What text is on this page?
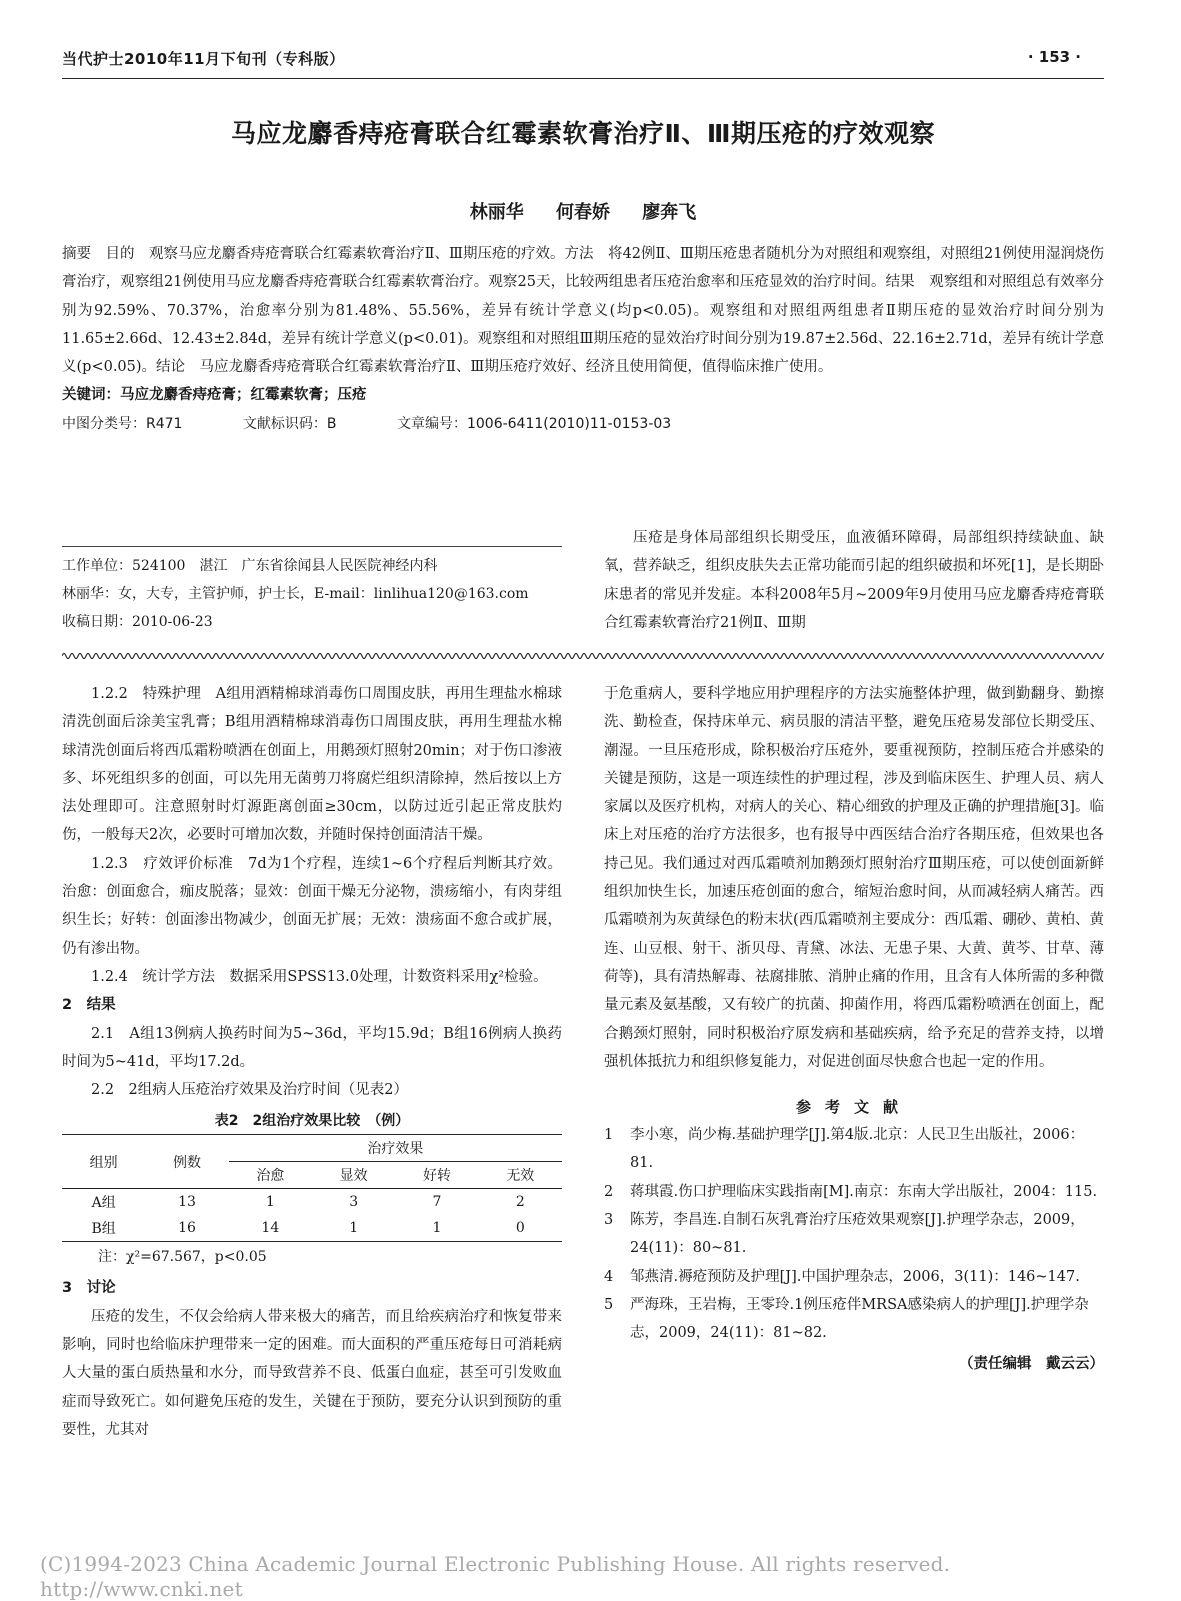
当代护士2010年11月下旬刊（专科版）	· 153 ·
马应龙麝香痔疮膏联合红霉素软膏治疗Ⅱ、Ⅲ期压疮的疗效观察
林丽华 何春娇 廖奔飞

摘要　目的　观察马应龙麝香痔疮膏联合红霉素软膏治疗Ⅱ、Ⅲ期压疮的疗效。方法　将42例Ⅱ、Ⅲ期压疮患者随机分为对照组和观察组，对照组21例使用湿润烧伤膏治疗，观察组21例使用马应龙麝香痔疮膏联合红霉素软膏治疗。观察25天，比较两组患者压疮治愈率和压疮显效的治疗时间。结果　观察组和对照组总有效率分别为92.59%、70.37%，治愈率分别为81.48%、55.56%，差异有统计学意义(均p<0.05)。观察组和对照组两组患者Ⅱ期压疮的显效治疗时间分别为11.65±2.66d、12.43±2.84d，差异有统计学意义(p<0.01)。观察组和对照组Ⅲ期压疮的显效治疗时间分别为19.87±2.56d、22.16±2.71d，差异有统计学意义(p<0.05)。结论　马应龙麝香痔疮膏联合红霉素软膏治疗Ⅱ、Ⅲ期压疮疗效好、经济且使用简便，值得临床推广使用。

关键词：马应龙麝香痔疮膏；红霉素软膏；压疮

中图分类号：R471	文献标识码：B	文章编号：1006-6411(2010)11-0153-03

工作单位：524100　湛江　广东省徐闻县人民医院神经内科

林丽华：女，大专，主管护师，护士长，E-mail：linlihua120@163.com

收稿日期：2010-06-23

压疮是身体局部组织长期受压，血液循环障碍，局部组织持续缺血、缺氧，营养缺乏，组织皮肤失去正常功能而引起的组织破损和坏死[1]，是长期卧床患者的常见并发症。本科2008年5月~2009年9月使用马应龙麝香痔疮膏联合红霉素软膏治疗21例Ⅱ、Ⅲ期

1.2.2　特殊护理　A组用酒精棉球消毒伤口周围皮肤，再用生理盐水棉球清洗创面后涂美宝乳膏；B组用酒精棉球消毒伤口周围皮肤，再用生理盐水棉球清洗创面后将西瓜霜粉喷洒在创面上，用鹅颈灯照射20min；对于伤口渗液多、坏死组织多的创面，可以先用无菌剪刀将腐烂组织清除掉，然后按以上方法处理即可。注意照射时灯源距离创面≥30cm，以防过近引起正常皮肤灼伤，一般每天2次，必要时可增加次数，并随时保持创面清洁干燥。

1.2.3　疗效评价标准　7d为1个疗程，连续1~6个疗程后判断其疗效。治愈：创面愈合，痂皮脱落；显效：创面干燥无分泌物，溃疡缩小，有肉芽组织生长；好转：创面渗出物减少，创面无扩展；无效：溃疡面不愈合或扩展，仍有渗出物。

1.2.4　统计学方法　数据采用SPSS13.0处理，计数资料采用χ²检验。

2　结果

2.1　A组13例病人换药时间为5~36d，平均15.9d；B组16例病人换药时间为5~41d，平均17.2d。

2.2　2组病人压疮治疗效果及治疗时间（见表2）

表2　2组治疗效果比较　（例）
组别	例数	治疗效果			
		治愈	显效	好转	无效
A组	13	1	3	7	2
B组	16	14	1	1	0
注：χ²=67.567，p<0.05

3　讨论

压疮的发生，不仅会给病人带来极大的痛苦，而且给疾病治疗和恢复带来影响，同时也给临床护理带来一定的困难。而大面积的严重压疮每日可消耗病人大量的蛋白质热量和水分，而导致营养不良、低蛋白血症，甚至可引发败血症而导致死亡。如何避免压疮的发生，关键在于预防，要充分认识到预防的重要性，尤其对

于危重病人，要科学地应用护理程序的方法实施整体护理，做到勤翻身、勤擦洗、勤检查，保持床单元、病员服的清洁平整，避免压疮易发部位长期受压、潮湿。一旦压疮形成，除积极治疗压疮外，要重视预防，控制压疮合并感染的关键是预防，这是一项连续性的护理过程，涉及到临床医生、护理人员、病人家属以及医疗机构，对病人的关心、精心细致的护理及正确的护理措施[3]。临床上对压疮的治疗方法很多，也有报导中西医结合治疗各期压疮，但效果也各持己见。我们通过对西瓜霜喷剂加鹅颈灯照射治疗Ⅲ期压疮，可以使创面新鲜组织加快生长，加速压疮创面的愈合，缩短治愈时间，从而减轻病人痛苦。西瓜霜喷剂为灰黄绿色的粉末状(西瓜霜喷剂主要成分：西瓜霜、硼砂、黄柏、黄连、山豆根、射干、浙贝母、青黛、冰法、无患子果、大黄、黄芩、甘草、薄荷等)，具有清热解毒、祛腐排脓、消肿止痛的作用，且含有人体所需的多种微量元素及氨基酸，又有较广的抗菌、抑菌作用，将西瓜霜粉喷洒在创面上，配合鹅颈灯照射，同时积极治疗原发病和基础疾病，给予充足的营养支持，以增强机体抵抗力和组织修复能力，对促进创面尽快愈合也起一定的作用。

参考文献
1	李小寒，尚少梅.基础护理学[J].第4版.北京：人民卫生出版社，2006：81.
2	蒋琪霞.伤口护理临床实践指南[M].南京：东南大学出版社，2004：115.
3	陈芳，李昌连.自制石灰乳膏治疗压疮效果观察[J].护理学杂志，2009，24(11)：80~81.
4	邹燕清.褥疮预防及护理[J].中国护理杂志，2006，3(11)：146~147.
5	严海珠，王岩梅，王零玲.1例压疮伴MRSA感染病人的护理[J].护理学杂志，2009，24(11)：81~82.
（责任编辑　戴云云）
(C)1994-2023 China Academic Journal Electronic Publishing House. All rights reserved.　　http://www.cnki.net
